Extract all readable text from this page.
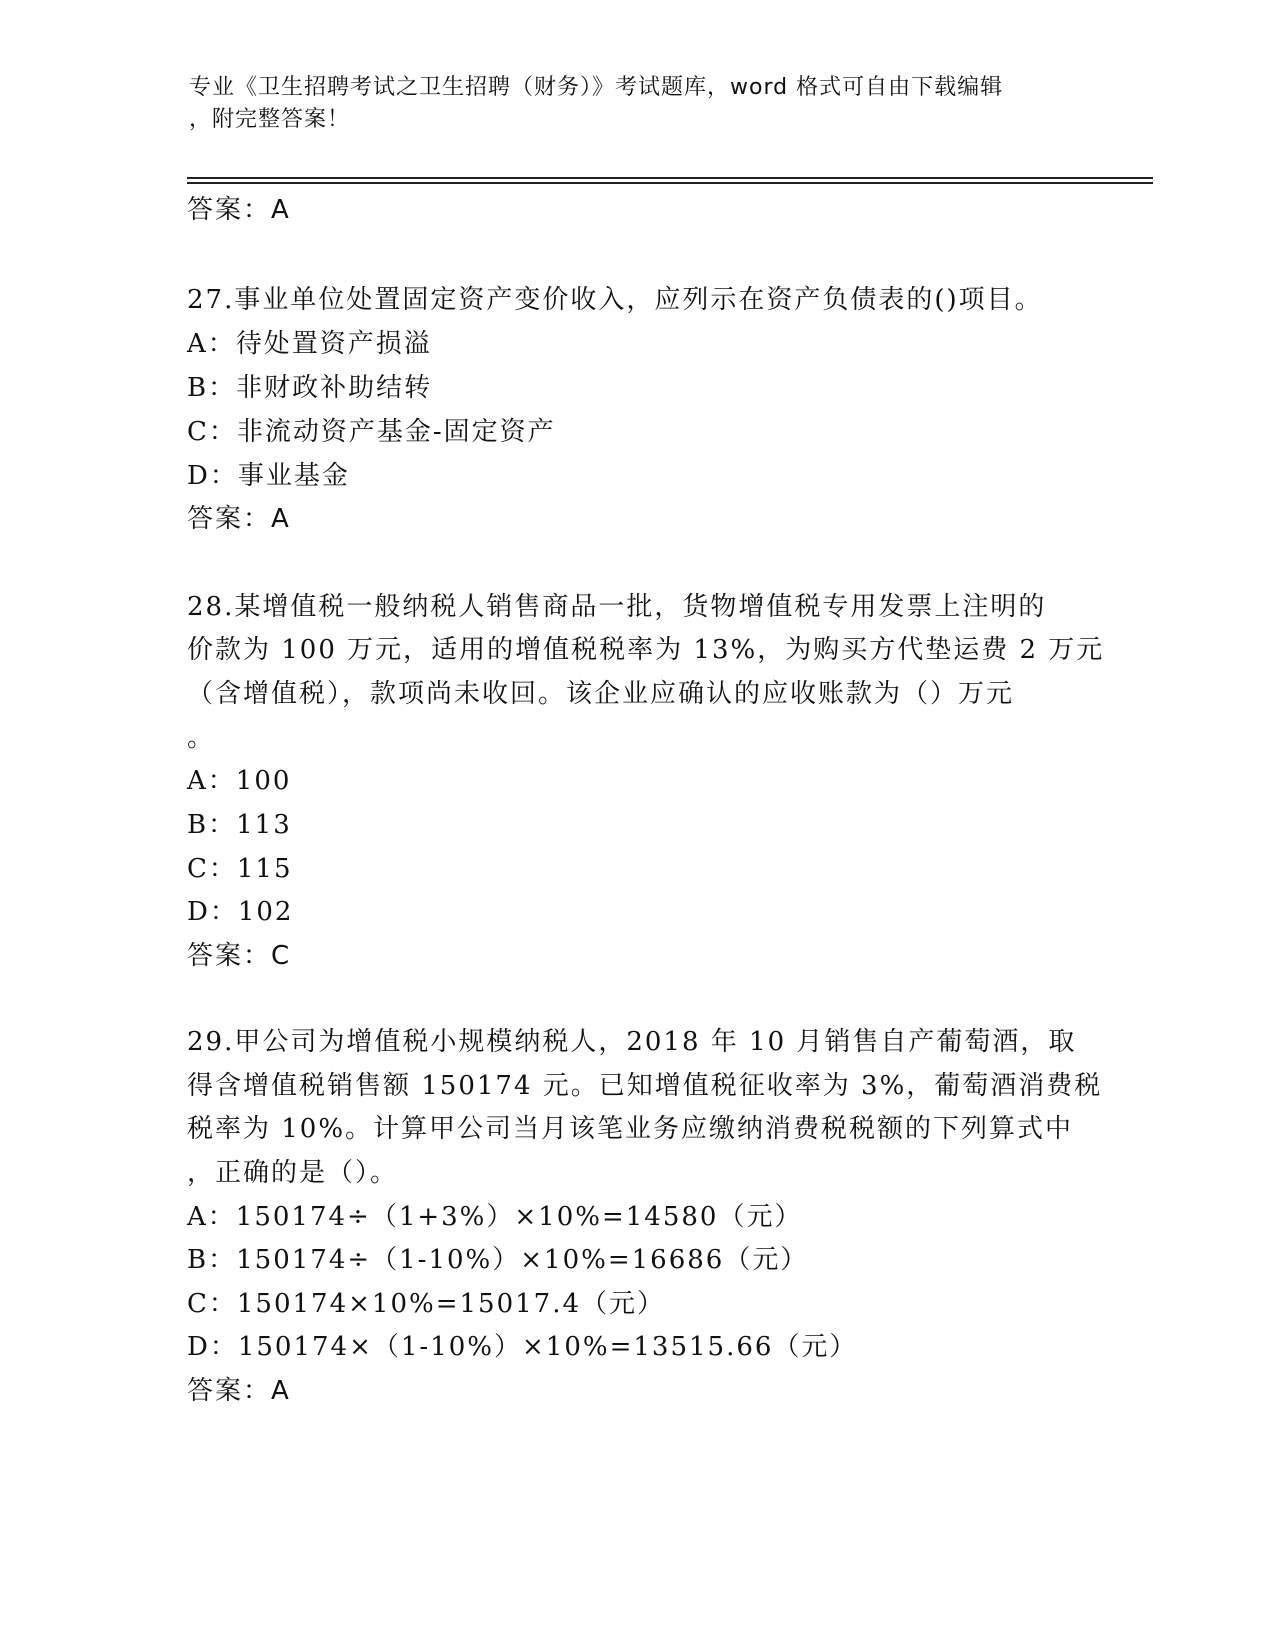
专业《卫生招聘考试之卫生招聘（财务）》考试题库，word 格式可自由下载编辑
，附完整答案！
答案：A
27.事业单位处置固定资产变价收入，应列示在资产负债表的()项目。
A：待处置资产损溢
B：非财政补助结转
C：非流动资产基金-固定资产
D：事业基金
答案：A
28.某增值税一般纳税人销售商品一批，货物增值税专用发票上注明的
价款为 100 万元，适用的增值税税率为 13%，为购买方代垫运费 2 万元
（含增值税），款项尚未收回。该企业应确认的应收账款为（）万元
。
A：100
B：113
C：115
D：102
答案：C
29.甲公司为增值税小规模纳税人，2018 年 10 月销售自产葡萄酒，取
得含增值税销售额 150174 元。已知增值税征收率为 3%，葡萄酒消费税
税率为 10%。计算甲公司当月该笔业务应缴纳消费税税额的下列算式中
，正确的是（）。
A：150174÷（1+3%）×10%=14580（元）
B：150174÷（1-10%）×10%=16686（元）
C：150174×10%=15017.4（元）
D：150174×（1-10%）×10%=13515.66（元）
答案：A
